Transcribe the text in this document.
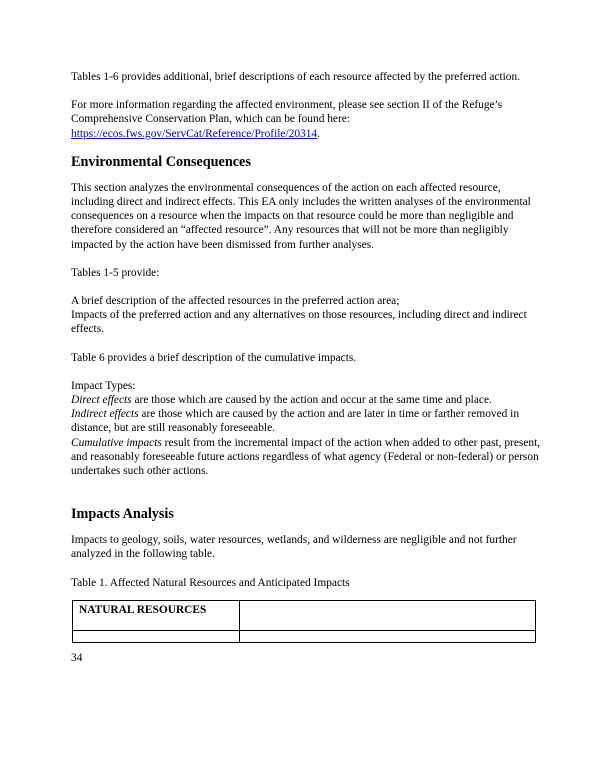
Tables 1-6 provides additional, brief descriptions of each resource affected by the preferred action.

For more information regarding the affected environment, please see section II of the Refuge’s Comprehensive Conservation Plan, which can be found here: https://ecos.fws.gov/ServCat/Reference/Profile/20314.

Environmental Consequences

This section analyzes the environmental consequences of the action on each affected resource, including direct and indirect effects. This EA only includes the written analyses of the environmental consequences on a resource when the impacts on that resource could be more than negligible and therefore considered an “affected resource”. Any resources that will not be more than negligibly impacted by the action have been dismissed from further analyses.

Tables 1-5 provide:

A brief description of the affected resources in the preferred action area;

Impacts of the preferred action and any alternatives on those resources, including direct and indirect effects.

Table 6 provides a brief description of the cumulative impacts.

Impact Types:

Direct effects are those which are caused by the action and occur at the same time and place.

Indirect effects are those which are caused by the action and are later in time or farther removed in distance, but are still reasonably foreseeable.

Cumulative impacts result from the incremental impact of the action when added to other past, present, and reasonably foreseeable future actions regardless of what agency (Federal or non-federal) or person undertakes such other actions.

Impacts Analysis

Impacts to geology, soils, water resources, wetlands, and wilderness are negligible and not further analyzed in the following table.

Table 1. Affected Natural Resources and Anticipated Impacts

NATURAL RESOURCES	

34
